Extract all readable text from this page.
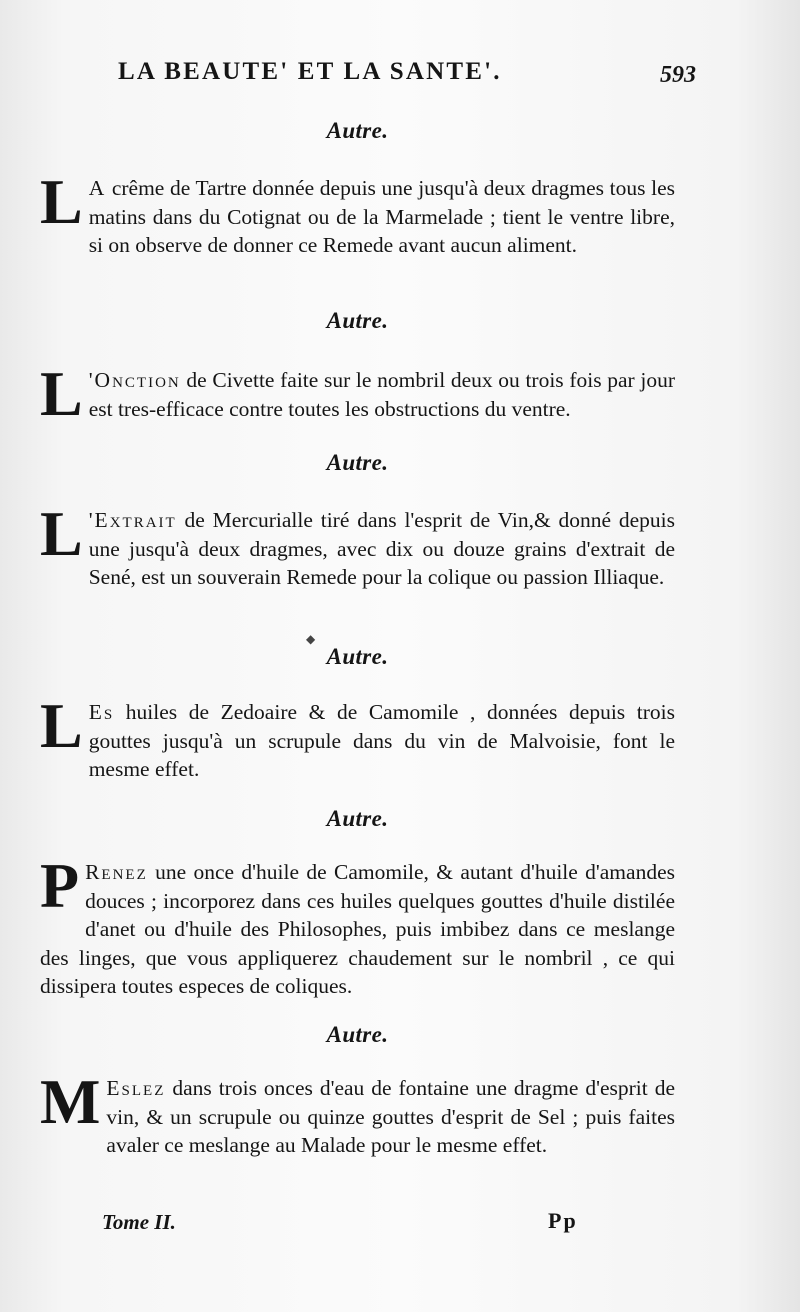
LA BEAUTE' ET LA SANTE'.	593
Autre.
L A crême de Tartre donnée depuis une jusqu'à deux dragmes tous les matins dans du Cotignat ou de la Marmelade ; tient le ventre libre, si on observe de donner ce Remede avant aucun aliment.
Autre.
L 'Onction de Civette faite sur le nombril deux ou trois fois par jour est tres-efficace contre toutes les obstructions du ventre.
Autre.
L 'Extrait de Mercurialle tiré dans l'esprit de Vin,& donné depuis une jusqu'à deux dragmes, avec dix ou douze grains d'extrait de Sené, est un souverain Remede pour la colique ou passion Illiaque.
◆
Autre.
L Es huiles de Zedoaire & de Camomile , données depuis trois gouttes jusqu'à un scrupule dans du vin de Malvoisie, font le mesme effet.
Autre.
P Renez une once d'huile de Camomile, & autant d'huile d'amandes douces ; incorporez dans ces huiles quelques gouttes d'huile distilée d'anet ou d'huile des Philosophes, puis imbibez dans ce meslange des linges, que vous appliquerez chaudement sur le nombril , ce qui dissipera toutes especes de coliques.
Autre.
M Eslez dans trois onces d'eau de fontaine une dragme d'esprit de vin, & un scrupule ou quinze gouttes d'esprit de Sel ; puis faites avaler ce meslange au Malade pour le mesme effet.
Tome II.	Pp
